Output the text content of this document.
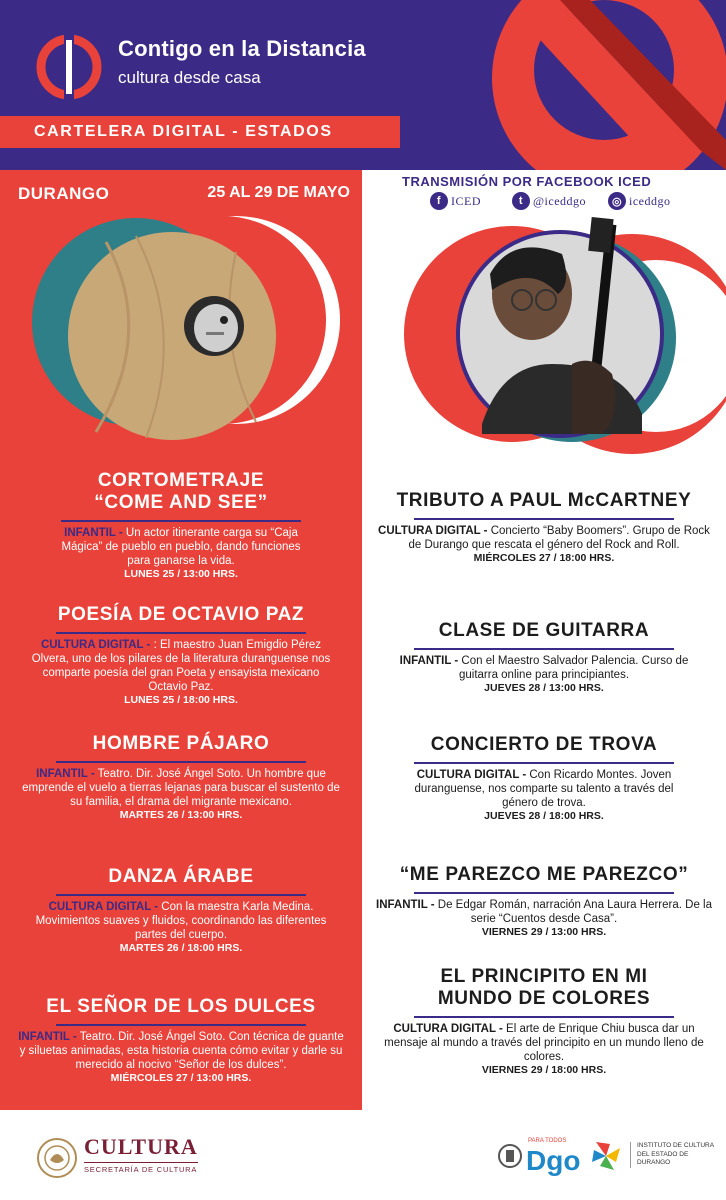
Contigo en la Distancia
cultura desde casa
CARTELERA DIGITAL - ESTADOS
DURANGO	25 AL 29 DE MAYO
CORTOMETRAJE
“COME AND SEE”
INFANTIL - Un actor itinerante carga su “Caja Mágica” de pueblo en pueblo, dando funciones para ganarse la vida.
LUNES 25 / 13:00 HRS.
POESÍA DE OCTAVIO PAZ
CULTURA DIGITAL - : El maestro Juan Emigdio Pérez Olvera, uno de los pilares de la literatura duranguense nos comparte poesía del gran Poeta y ensayista mexicano Octavio Paz.
LUNES 25 / 18:00 HRS.
HOMBRE PÁJARO
INFANTIL - Teatro. Dir. José Ángel Soto. Un hombre que emprende el vuelo a tierras lejanas para buscar el sustento de su familia, el drama del migrante mexicano.
MARTES 26 / 13:00 HRS.
DANZA ÁRABE
CULTURA DIGITAL - Con la maestra Karla Medina. Movimientos suaves y fluidos, coordinando las diferentes partes del cuerpo.
MARTES 26 / 18:00 HRS.
EL SEÑOR DE LOS DULCES
INFANTIL - Teatro. Dir. José Ángel Soto. Con técnica de guante y siluetas animadas, esta historia cuenta cómo evitar y darle su merecido al nocivo “Señor de los dulces”.
MIÉRCOLES 27 / 13:00 HRS.
TRANSMISIÓN POR FACEBOOK ICED
f ICED	t @iceddgo	◎ iceddgo
TRIBUTO A PAUL McCARTNEY
CULTURA DIGITAL - Concierto “Baby Boomers”. Grupo de Rock de Durango que rescata el género del Rock and Roll.
MIÉRCOLES 27 / 18:00 HRS.
CLASE DE GUITARRA
INFANTIL - Con el Maestro Salvador Palencia. Curso de guitarra online para principiantes.
JUEVES 28 / 13:00 HRS.
CONCIERTO DE TROVA
CULTURA DIGITAL - Con Ricardo Montes. Joven duranguense, nos comparte su talento a través del género de trova.
JUEVES 28 / 18:00 HRS.
“ME PAREZCO ME PAREZCO”
INFANTIL - De Edgar Román, narración Ana Laura Herrera. De la serie “Cuentos desde Casa”.
VIERNES 29 / 13:00 HRS.
EL PRINCIPITO EN MI
MUNDO DE COLORES
CULTURA DIGITAL - El arte de Enrique Chiu busca dar un mensaje al mundo a través del principito en un mundo lleno de colores.
VIERNES 29 / 18:00 HRS.
CULTURA
SECRETARÍA DE CULTURA
PARA TODOS
Dgo	INSTITUTO DE CULTURA DEL ESTADO DE DURANGO
